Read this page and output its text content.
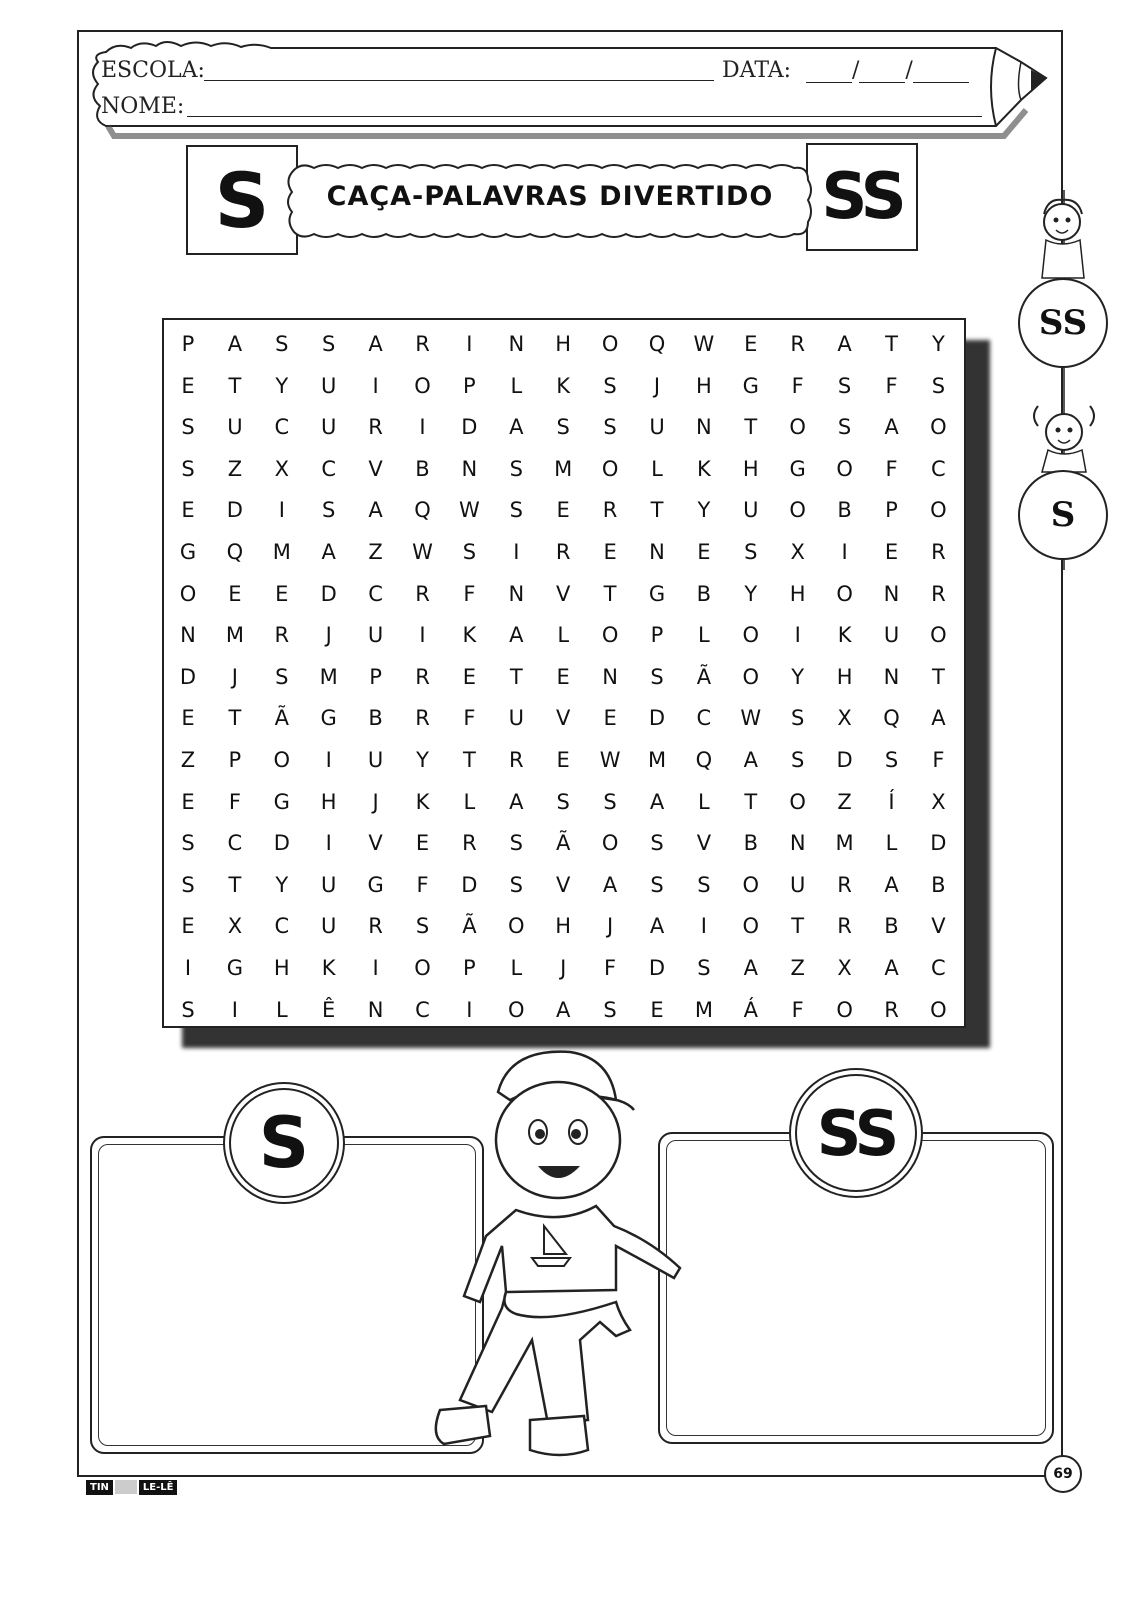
ESCOLA:	DATA:	/ /
NOME:
S	SS
CAÇA-PALAVRAS DIVERTIDO
SS
S
P	A	S	S	A	R	I	N	H	O	Q	W	E	R	A	T	Y
E	T	Y	U	I	O	P	L	K	S	J	H	G	F	S	F	S
S	U	C	U	R	I	D	A	S	S	U	N	T	O	S	A	O
S	Z	X	C	V	B	N	S	M	O	L	K	H	G	O	F	C
E	D	I	S	A	Q	W	S	E	R	T	Y	U	O	B	P	O
G	Q	M	A	Z	W	S	I	R	E	N	E	S	X	I	E	R
O	E	E	D	C	R	F	N	V	T	G	B	Y	H	O	N	R
N	M	R	J	U	I	K	A	L	O	P	L	O	I	K	U	O
D	J	S	M	P	R	E	T	E	N	S	Ã	O	Y	H	N	T
E	T	Ã	G	B	R	F	U	V	E	D	C	W	S	X	Q	A
Z	P	O	I	U	Y	T	R	E	W	M	Q	A	S	D	S	F
E	F	G	H	J	K	L	A	S	S	A	L	T	O	Z	Í	X
S	C	D	I	V	E	R	S	Ã	O	S	V	B	N	M	L	D
S	T	Y	U	G	F	D	S	V	A	S	S	O	U	R	A	B
E	X	C	U	R	S	Ã	O	H	J	A	I	O	T	R	B	V
I	G	H	K	I	O	P	L	J	F	D	S	A	Z	X	A	C
S	I	L	Ê	N	C	I	O	A	S	E	M	Á	F	O	R	O
S	SS
TIN	LE-LÊ
69
